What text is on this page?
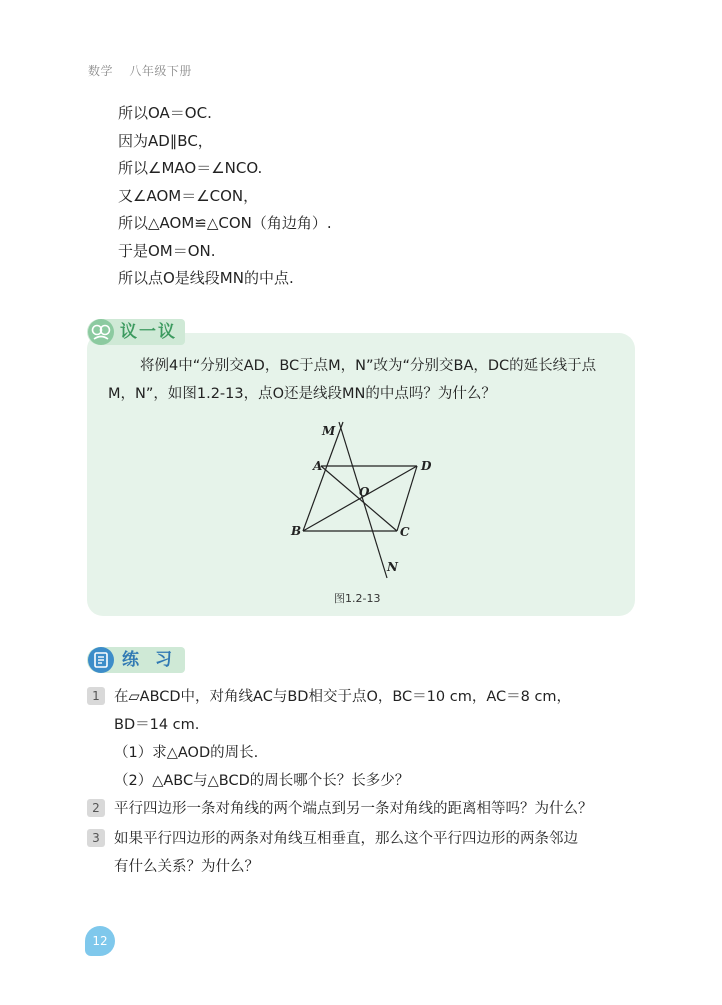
数学 八年级下册
所以OA＝OC.
因为AD∥BC，
所以∠MAO＝∠NCO.
又∠AOM＝∠CON，
所以△AOM≌△CON（角边角）.
于是OM＝ON.
所以点O是线段MN的中点.
议一议
将例4中“分别交AD，BC于点M，N”改为“分别交BA，DC的延长线于点M，N”，如图1.2-13，点O还是线段MN的中点吗？为什么？
M
A	D
O
B	C
N
图1.2-13
练习
1 在▱ABCD中，对角线AC与BD相交于点O，BC＝10 cm，AC＝8 cm，
BD＝14 cm.
（1）求△AOD的周长.
（2）△ABC与△BCD的周长哪个长？长多少？
2 平行四边形一条对角线的两个端点到另一条对角线的距离相等吗？为什么？
3 如果平行四边形的两条对角线互相垂直，那么这个平行四边形的两条邻边
有什么关系？为什么？
12
